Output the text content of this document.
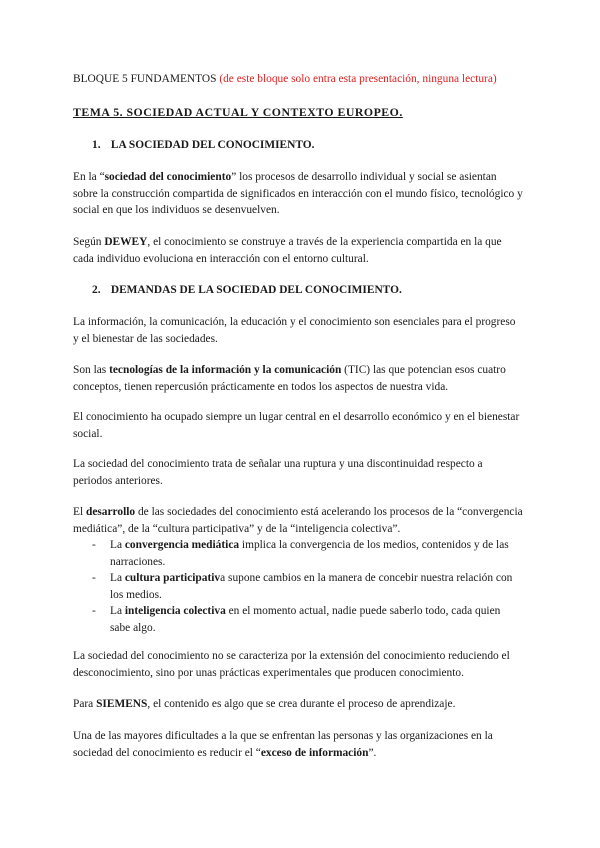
BLOQUE 5 FUNDAMENTOS (de este bloque solo entra esta presentación, ninguna lectura)

TEMA 5. SOCIEDAD ACTUAL Y CONTEXTO EUROPEO.

1. LA SOCIEDAD DEL CONOCIMIENTO.

En la “sociedad del conocimiento” los procesos de desarrollo individual y social se asientan sobre la construcción compartida de significados en interacción con el mundo físico, tecnológico y social en que los individuos se desenvuelven.

Según DEWEY, el conocimiento se construye a través de la experiencia compartida en la que cada individuo evoluciona en interacción con el entorno cultural.

2. DEMANDAS DE LA SOCIEDAD DEL CONOCIMIENTO.

La información, la comunicación, la educación y el conocimiento son esenciales para el progreso y el bienestar de las sociedades.

Son las tecnologías de la información y la comunicación (TIC) las que potencian esos cuatro conceptos, tienen repercusión prácticamente en todos los aspectos de nuestra vida.

El conocimiento ha ocupado siempre un lugar central en el desarrollo económico y en el bienestar social.

La sociedad del conocimiento trata de señalar una ruptura y una discontinuidad respecto a periodos anteriores.

El desarrollo de las sociedades del conocimiento está acelerando los procesos de la “convergencia mediática”, de la “cultura participativa” y de la “inteligencia colectiva”.

- La convergencia mediática implica la convergencia de los medios, contenidos y de las narraciones.
- La cultura participativa supone cambios en la manera de concebir nuestra relación con los medios.
- La inteligencia colectiva en el momento actual, nadie puede saberlo todo, cada quien sabe algo.

La sociedad del conocimiento no se caracteriza por la extensión del conocimiento reduciendo el desconocimiento, sino por unas prácticas experimentales que producen conocimiento.

Para SIEMENS, el contenido es algo que se crea durante el proceso de aprendizaje.

Una de las mayores dificultades a la que se enfrentan las personas y las organizaciones en la sociedad del conocimiento es reducir el “exceso de información”.
